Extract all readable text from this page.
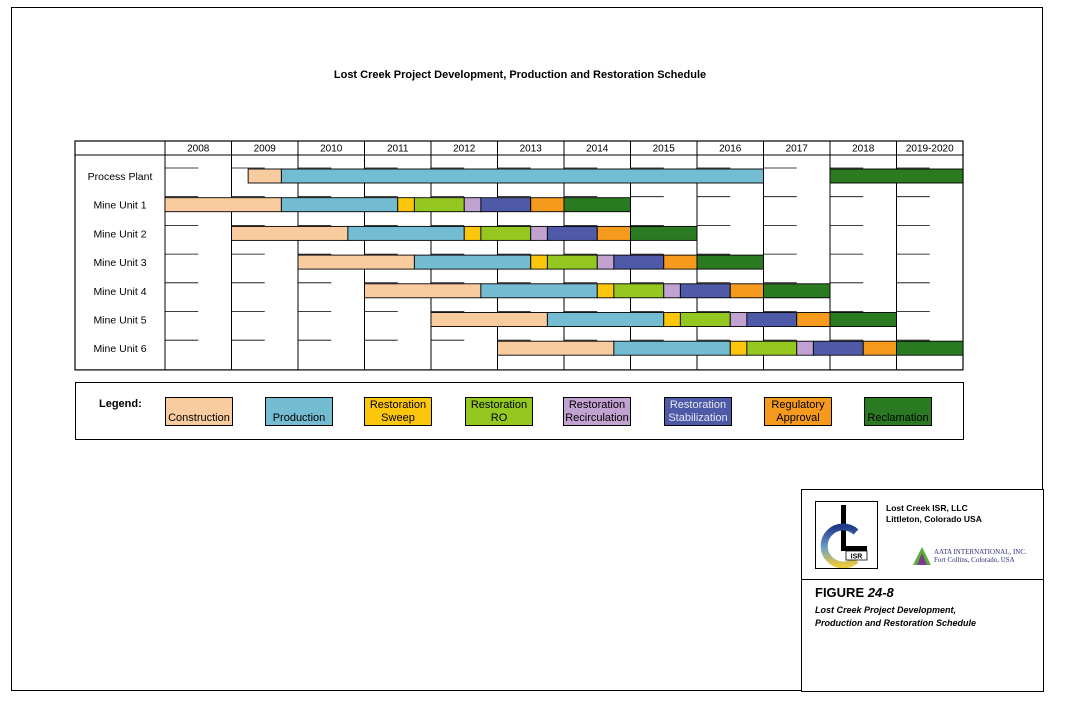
Lost Creek Project Development, Production and Restoration Schedule
2008	2009	2010	2011	2012	2013	2014	2015	2016	2017	2018	2019-2020
Process Plant
Mine Unit 1
Mine Unit 2
Mine Unit 3
Mine Unit 4
Mine Unit 5
Mine Unit 6
Legend:
Construction	Production
Restoration
Sweep
Restoration
RO
Restoration
Recirculation
Restoration
Stabilization
Regulatory
Approval	Reclamation
ISR
Lost Creek ISR, LLC
Littleton, Colorado USA
AATA INTERNATIONAL, INC.
Fort Collins, Colorado, USA
FIGURE 24-8
Lost Creek Project Development,
Production and Restoration Schedule
